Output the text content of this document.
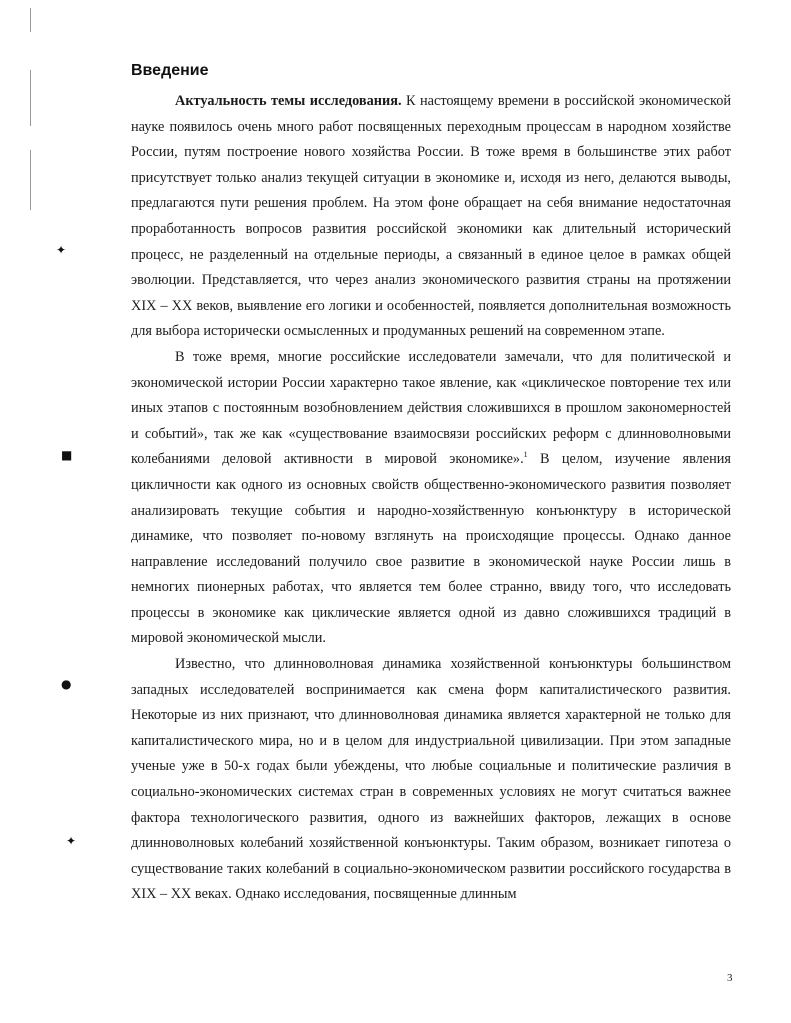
✦
■
●
✦
Введение

Актуальность темы исследования. К настоящему времени в российской экономической науке появилось очень много работ посвященных переходным процессам в народном хозяйстве России, путям построение нового хозяйства России. В тоже время в большинстве этих работ присутствует только анализ текущей ситуации в экономике и, исходя из него, делаются выводы, предлагаются пути решения проблем. На этом фоне обращает на себя внимание недостаточная проработанность вопросов развития российской экономики как длительный исторический процесс, не разделенный на отдельные периоды, а связанный в единое целое в рамках общей эволюции. Представляется, что через анализ экономического развития страны на протяжении XIX – XX веков, выявление его логики и особенностей, появляется дополнительная возможность для выбора исторически осмысленных и продуманных решений на современном этапе.

В тоже время, многие российские исследователи замечали, что для политической и экономической истории России характерно такое явление, как «циклическое повторение тех или иных этапов с постоянным возобновлением действия сложившихся в прошлом закономерностей и событий», так же как «существование взаимосвязи российских реформ с длинноволновыми колебаниями деловой активности в мировой экономике».$^1$ В целом, изучение явления цикличности как одного из основных свойств общественно-экономического развития позволяет анализировать текущие события и народно-хозяйственную конъюнктуру в исторической динамике, что позволяет по-новому взглянуть на происходящие процессы. Однако данное направление исследований получило свое развитие в экономической науке России лишь в немногих пионерных работах, что является тем более странно, ввиду того, что исследовать процессы в экономике как циклические является одной из давно сложившихся традиций в мировой экономической мысли.

Известно, что длинноволновая динамика хозяйственной конъюнктуры большинством западных исследователей воспринимается как смена форм капиталистического развития. Некоторые из них признают, что длинноволновая динамика является характерной не только для капиталистического мира, но и в целом для индустриальной цивилизации. При этом западные ученые уже в 50-х годах были убеждены, что любые социальные и политические различия в социально-экономических системах стран в современных условиях не могут считаться важнее фактора технологического развития, одного из важнейших факторов, лежащих в основе длинноволновых колебаний хозяйственной конъюнктуры. Таким образом, возникает гипотеза о существование таких колебаний в социально-экономическом развитии российского государства в XIX – XX веках. Однако исследования, посвященные длинным

3
